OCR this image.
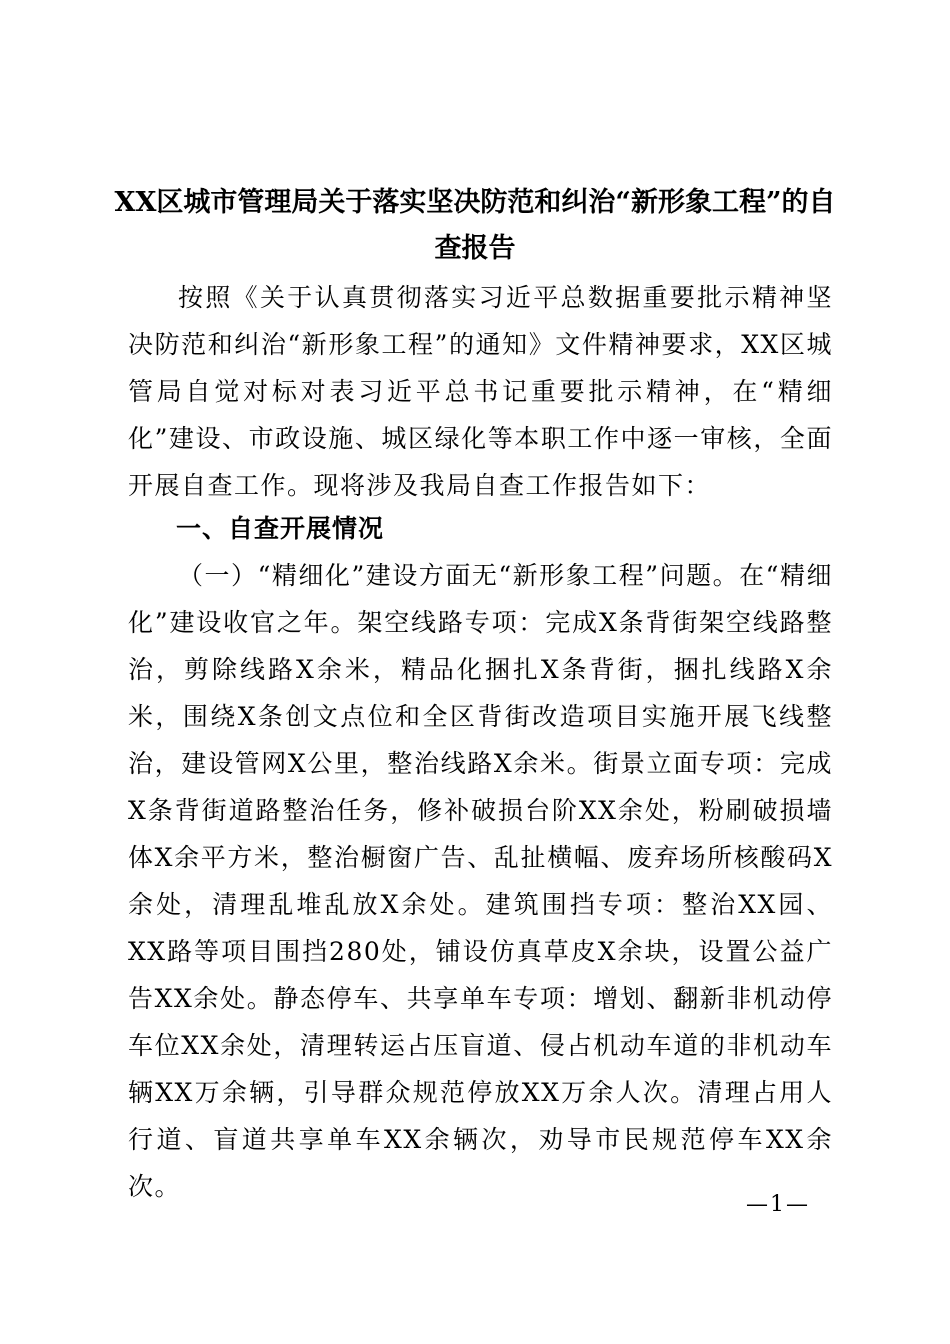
XX区城市管理局关于落实坚决防范和纠治“新形象工程”的自查报告

按照《关于认真贯彻落实习近平总数据重要批示精神坚决防范和纠治“新形象工程”的通知》文件精神要求，XX区城管局自觉对标对表习近平总书记重要批示精神，在“精细化”建设、市政设施、城区绿化等本职工作中逐一审核，全面开展自查工作。现将涉及我局自查工作报告如下：

一、自查开展情况

（一）“精细化”建设方面无“新形象工程”问题。在“精细化”建设收官之年。架空线路专项：完成X条背街架空线路整治，剪除线路X余米，精品化捆扎X条背街，捆扎线路X余米，围绕X条创文点位和全区背街改造项目实施开展飞线整治，建设管网X公里，整治线路X余米。街景立面专项：完成X条背街道路整治任务，修补破损台阶XX余处，粉刷破损墙体X余平方米，整治橱窗广告、乱扯横幅、废弃场所核酸码X余处，清理乱堆乱放X余处。建筑围挡专项：整治XX园、XX路等项目围挡280处，铺设仿真草皮X余块，设置公益广告XX余处。静态停车、共享单车专项：增划、翻新非机动停车位XX余处，清理转运占压盲道、侵占机动车道的非机动车辆XX万余辆，引导群众规范停放XX万余人次。清理占用人行道、盲道共享单车XX余辆次，劝导市民规范停车XX余次。

—1—
